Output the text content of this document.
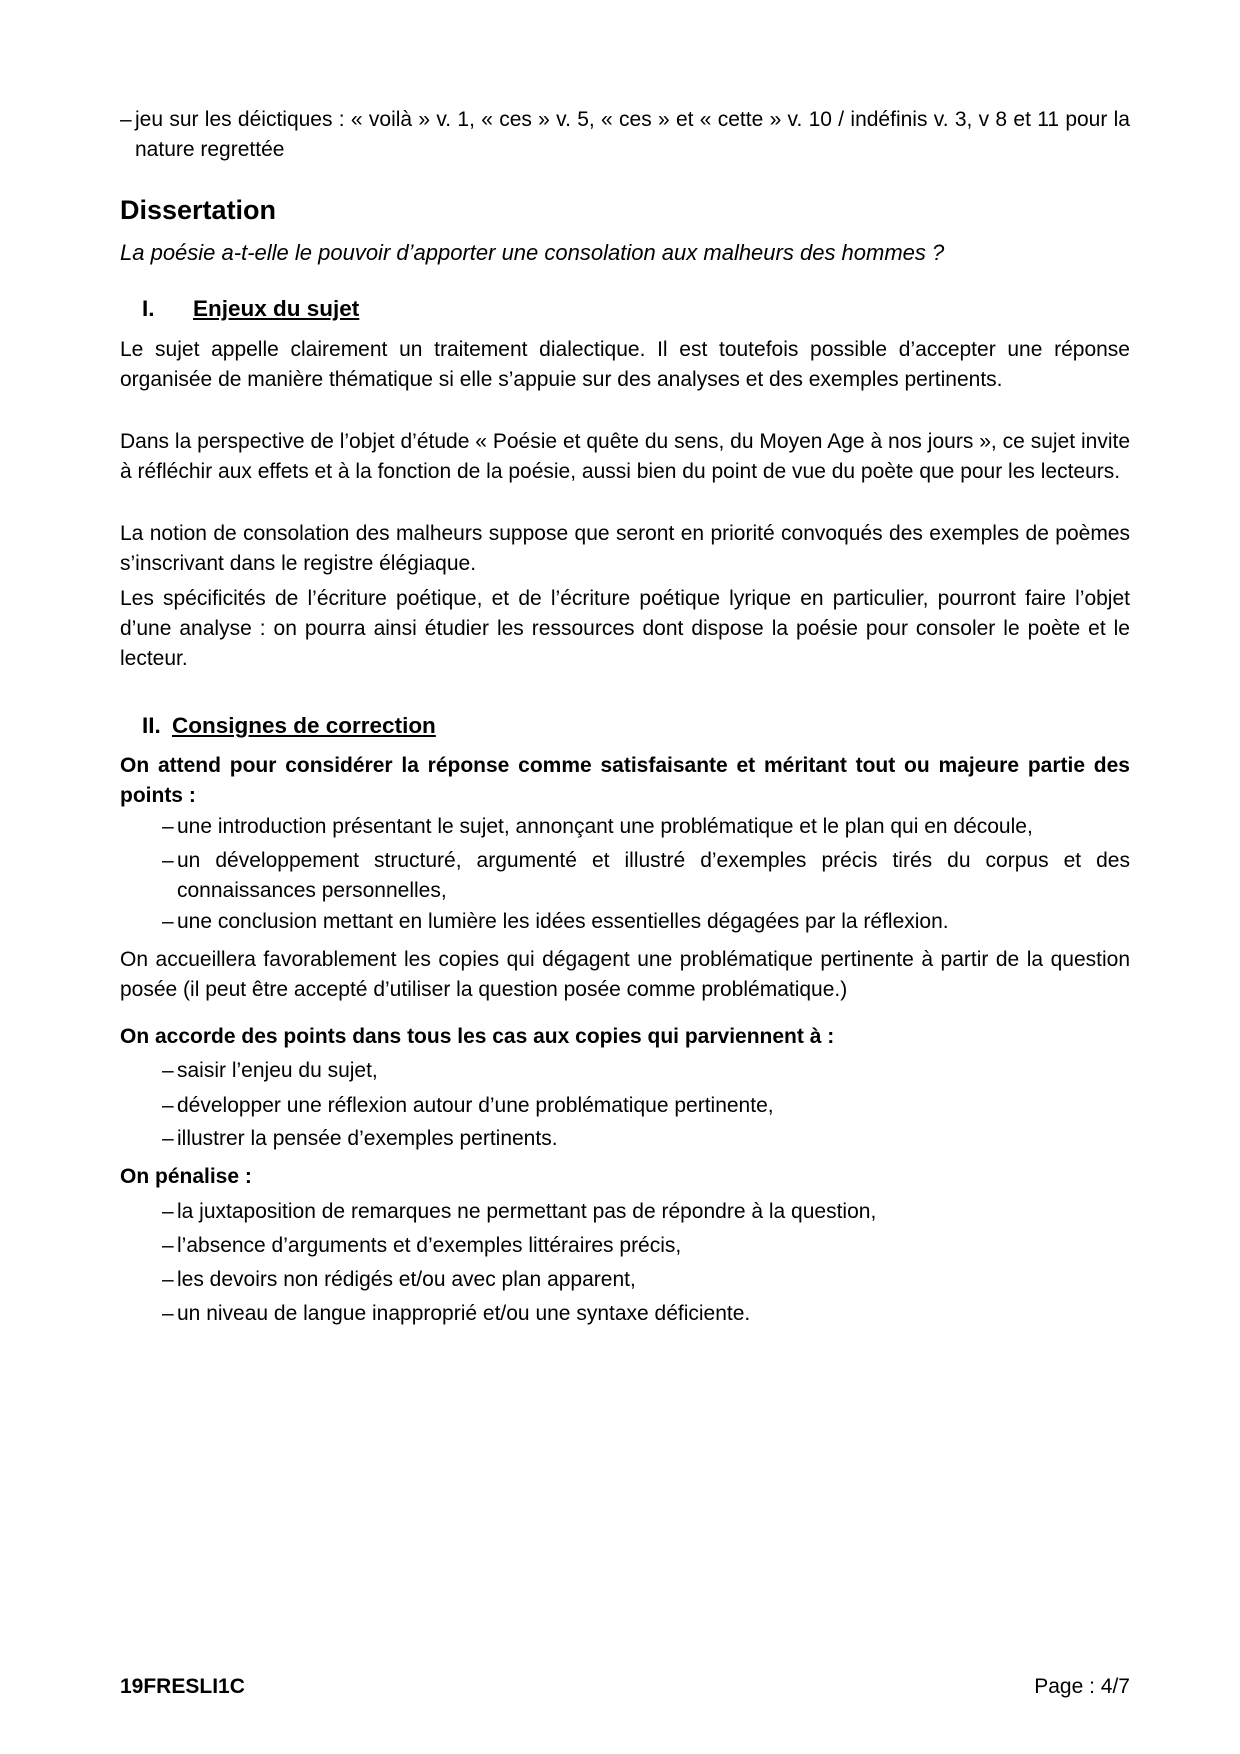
– jeu sur les déictiques : « voilà » v. 1, « ces » v. 5, « ces » et « cette » v. 10 / indéfinis v. 3, v 8 et 11 pour la nature regrettée
Dissertation
La poésie a-t-elle le pouvoir d’apporter une consolation aux malheurs des hommes ?
I. Enjeux du sujet
Le sujet appelle clairement un traitement dialectique. Il est toutefois possible d’accepter une réponse organisée de manière thématique si elle s’appuie sur des analyses et des exemples pertinents.
Dans la perspective de l’objet d’étude « Poésie et quête du sens, du Moyen Age à nos jours », ce sujet invite à réfléchir aux effets et à la fonction de la poésie, aussi bien du point de vue du poète que pour les lecteurs.
La notion de consolation des malheurs suppose que seront en priorité convoqués des exemples de poèmes s’inscrivant dans le registre élégiaque.
Les spécificités de l’écriture poétique, et de l’écriture poétique lyrique en particulier, pourront faire l’objet d’une analyse : on pourra ainsi étudier les ressources dont dispose la poésie pour consoler le poète et le lecteur.
II. Consignes de correction
On attend pour considérer la réponse comme satisfaisante et méritant tout ou majeure partie des points :
– une introduction présentant le sujet, annonçant une problématique et le plan qui en découle,
– un développement structuré, argumenté et illustré d’exemples précis tirés du corpus et des connaissances personnelles,
– une conclusion mettant en lumière les idées essentielles dégagées par la réflexion.
On accueillera favorablement les copies qui dégagent une problématique pertinente à partir de la question posée (il peut être accepté d’utiliser la question posée comme problématique.)
On accorde des points dans tous les cas aux copies qui parviennent à :
– saisir l’enjeu du sujet,
– développer une réflexion autour d’une problématique pertinente,
– illustrer la pensée d’exemples pertinents.
On pénalise :
– la juxtaposition de remarques ne permettant pas de répondre à la question,
– l’absence d’arguments et d’exemples littéraires précis,
– les devoirs non rédigés et/ou avec plan apparent,
– un niveau de langue inapproprié et/ou une syntaxe déficiente.
19FRESLI1C	Page : 4/7
